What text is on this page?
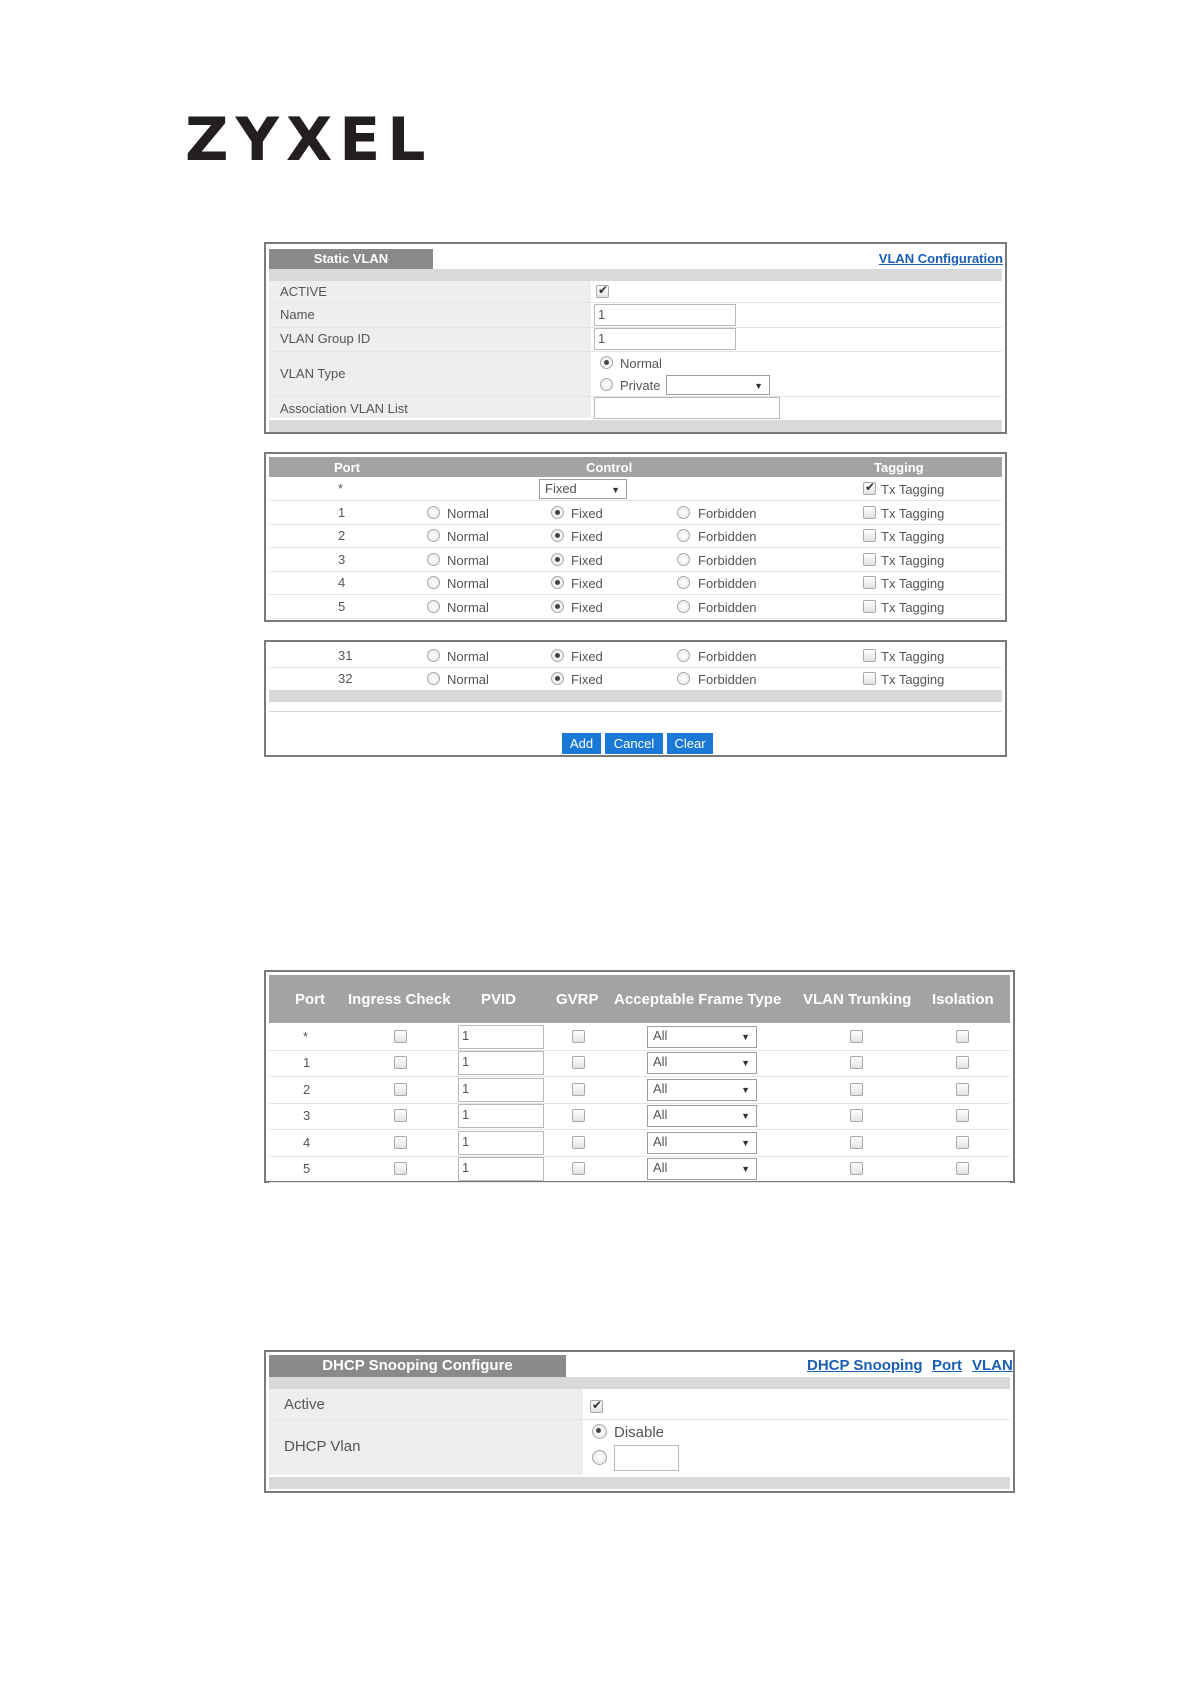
ZYXEL
Static VLAN	VLAN Configuration
ACTIVE
✔
Name	1
VLAN Group ID	1
VLAN Type
Normal
Private	▼
Association VLAN List
Port	Control	Tagging
*	Fixed	▼
✔	Tx Tagging
1	Normal	Fixed	Forbidden	Tx Tagging
2	Normal	Fixed	Forbidden	Tx Tagging
3	Normal	Fixed	Forbidden	Tx Tagging
4	Normal	Fixed	Forbidden	Tx Tagging
5	Normal	Fixed	Forbidden	Tx Tagging
31	Normal	Fixed	Forbidden	Tx Tagging
32	Normal	Fixed	Forbidden	Tx Tagging
Add	Cancel	Clear
Port Ingress Check PVID	GVRP Acceptable Frame Type VLAN Trunking Isolation
*	1	All	▼
1	1	All	▼
2	1	All	▼
3	1	All	▼
4	1	All	▼
5	1	All	▼
DHCP Snooping Configure	DHCP Snooping Port VLAN
Active
✔
DHCP Vlan
Disable
